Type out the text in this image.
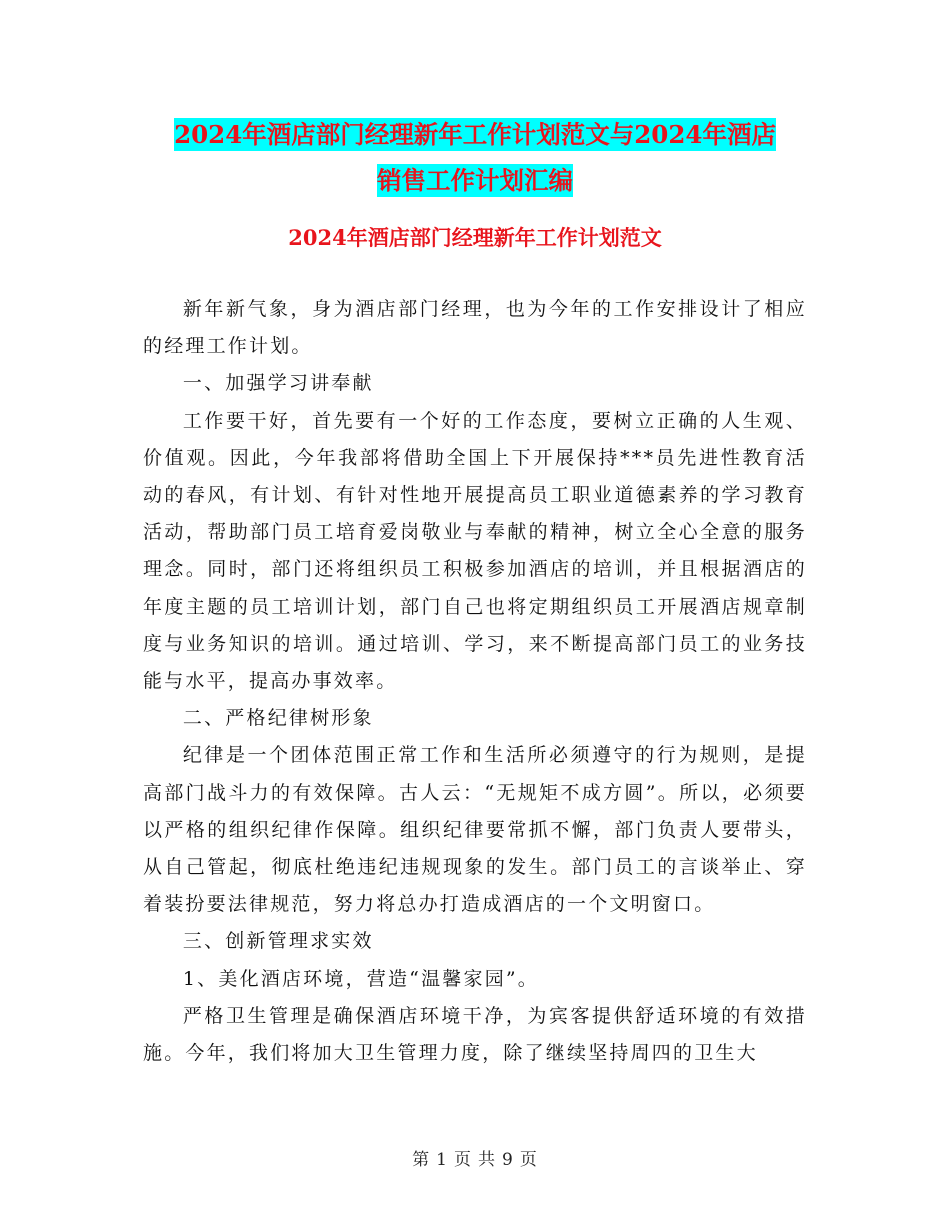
2024年酒店部门经理新年工作计划范文与2024年酒店
销售工作计划汇编
2024年酒店部门经理新年工作计划范文

新年新气象，身为酒店部门经理，也为今年的工作安排设计了相应的经理工作计划。

一、加强学习讲奉献

工作要干好，首先要有一个好的工作态度，要树立正确的人生观、价值观。因此，今年我部将借助全国上下开展保持***员先进性教育活动的春风，有计划、有针对性地开展提高员工职业道德素养的学习教育活动，帮助部门员工培育爱岗敬业与奉献的精神，树立全心全意的服务理念。同时，部门还将组织员工积极参加酒店的培训，并且根据酒店的年度主题的员工培训计划，部门自己也将定期组织员工开展酒店规章制度与业务知识的培训。通过培训、学习，来不断提高部门员工的业务技能与水平，提高办事效率。

二、严格纪律树形象

纪律是一个团体范围正常工作和生活所必须遵守的行为规则，是提高部门战斗力的有效保障。古人云：“无规矩不成方圆”。所以，必须要以严格的组织纪律作保障。组织纪律要常抓不懈，部门负责人要带头，从自己管起，彻底杜绝违纪违规现象的发生。部门员工的言谈举止、穿着装扮要法律规范，努力将总办打造成酒店的一个文明窗口。

三、创新管理求实效

1、美化酒店环境，营造“温馨家园”。

严格卫生管理是确保酒店环境干净，为宾客提供舒适环境的有效措施。今年，我们将加大卫生管理力度，除了继续坚持周四的卫生大

第 1 页 共 9 页
